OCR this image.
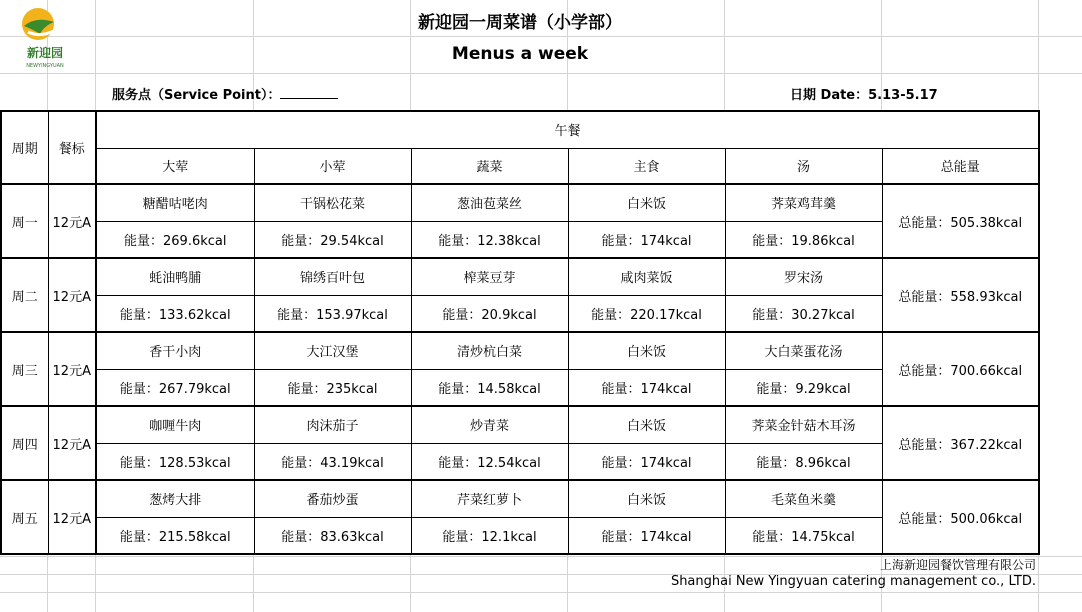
新迎园
NEWYINGYUAN
新迎园一周菜谱（小学部）
Menus a week
服务点（Service Point）：	日期 Date：5.13-5.17
周期	餐标	午餐					
		大荤	小荤	蔬菜	主食	汤	总能量
周一	12元A	糖醋咕咾肉	干锅松花菜	葱油苞菜丝	白米饭	荠菜鸡茸羹	总能量：505.38kcal
		能量：269.6kcal	能量：29.54kcal	能量：12.38kcal	能量：174kcal	能量：19.86kcal	
周二	12元A	蚝油鸭脯	锦绣百叶包	榨菜豆芽	咸肉菜饭	罗宋汤	总能量：558.93kcal
		能量：133.62kcal	能量：153.97kcal	能量：20.9kcal	能量：220.17kcal	能量：30.27kcal	
周三	12元A	香干小肉	大江汉堡	清炒杭白菜	白米饭	大白菜蛋花汤	总能量：700.66kcal
		能量：267.79kcal	能量：235kcal	能量：14.58kcal	能量：174kcal	能量：9.29kcal	
周四	12元A	咖喱牛肉	肉沫茄子	炒青菜	白米饭	荠菜金针菇木耳汤	总能量：367.22kcal
		能量：128.53kcal	能量：43.19kcal	能量：12.54kcal	能量：174kcal	能量：8.96kcal	
周五	12元A	葱烤大排	番茄炒蛋	芹菜红萝卜	白米饭	毛菜鱼米羹	总能量：500.06kcal
		能量：215.58kcal	能量：83.63kcal	能量：12.1kcal	能量：174kcal	能量：14.75kcal	
上海新迎园餐饮管理有限公司
Shanghai New Yingyuan catering management co., LTD.
